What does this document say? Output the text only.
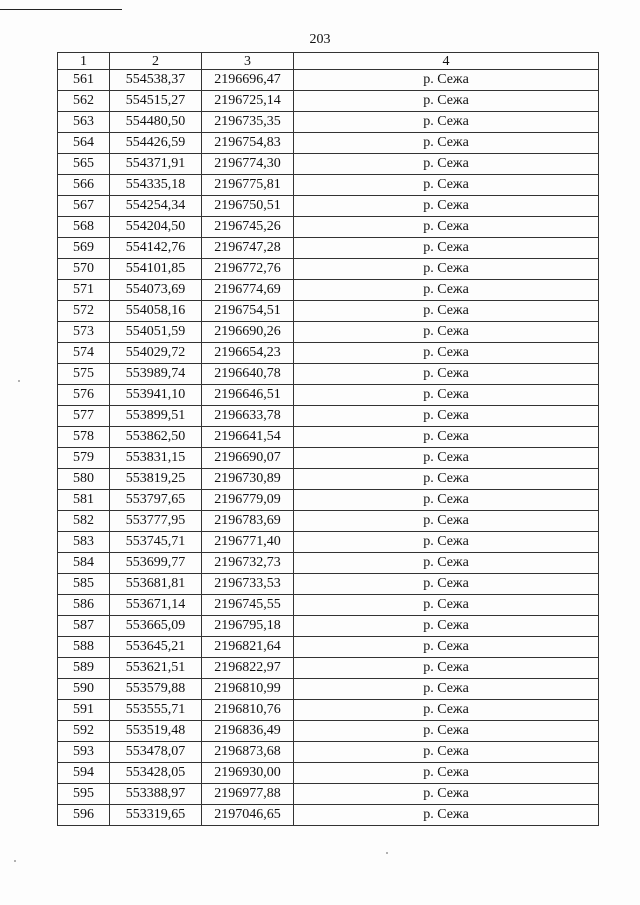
203
1	2	3	4
561	554538,37	2196696,47	р. Сежа
562	554515,27	2196725,14	р. Сежа
563	554480,50	2196735,35	р. Сежа
564	554426,59	2196754,83	р. Сежа
565	554371,91	2196774,30	р. Сежа
566	554335,18	2196775,81	р. Сежа
567	554254,34	2196750,51	р. Сежа
568	554204,50	2196745,26	р. Сежа
569	554142,76	2196747,28	р. Сежа
570	554101,85	2196772,76	р. Сежа
571	554073,69	2196774,69	р. Сежа
572	554058,16	2196754,51	р. Сежа
573	554051,59	2196690,26	р. Сежа
574	554029,72	2196654,23	р. Сежа
575	553989,74	2196640,78	р. Сежа
576	553941,10	2196646,51	р. Сежа
577	553899,51	2196633,78	р. Сежа
578	553862,50	2196641,54	р. Сежа
579	553831,15	2196690,07	р. Сежа
580	553819,25	2196730,89	р. Сежа
581	553797,65	2196779,09	р. Сежа
582	553777,95	2196783,69	р. Сежа
583	553745,71	2196771,40	р. Сежа
584	553699,77	2196732,73	р. Сежа
585	553681,81	2196733,53	р. Сежа
586	553671,14	2196745,55	р. Сежа
587	553665,09	2196795,18	р. Сежа
588	553645,21	2196821,64	р. Сежа
589	553621,51	2196822,97	р. Сежа
590	553579,88	2196810,99	р. Сежа
591	553555,71	2196810,76	р. Сежа
592	553519,48	2196836,49	р. Сежа
593	553478,07	2196873,68	р. Сежа
594	553428,05	2196930,00	р. Сежа
595	553388,97	2196977,88	р. Сежа
596	553319,65	2197046,65	р. Сежа
